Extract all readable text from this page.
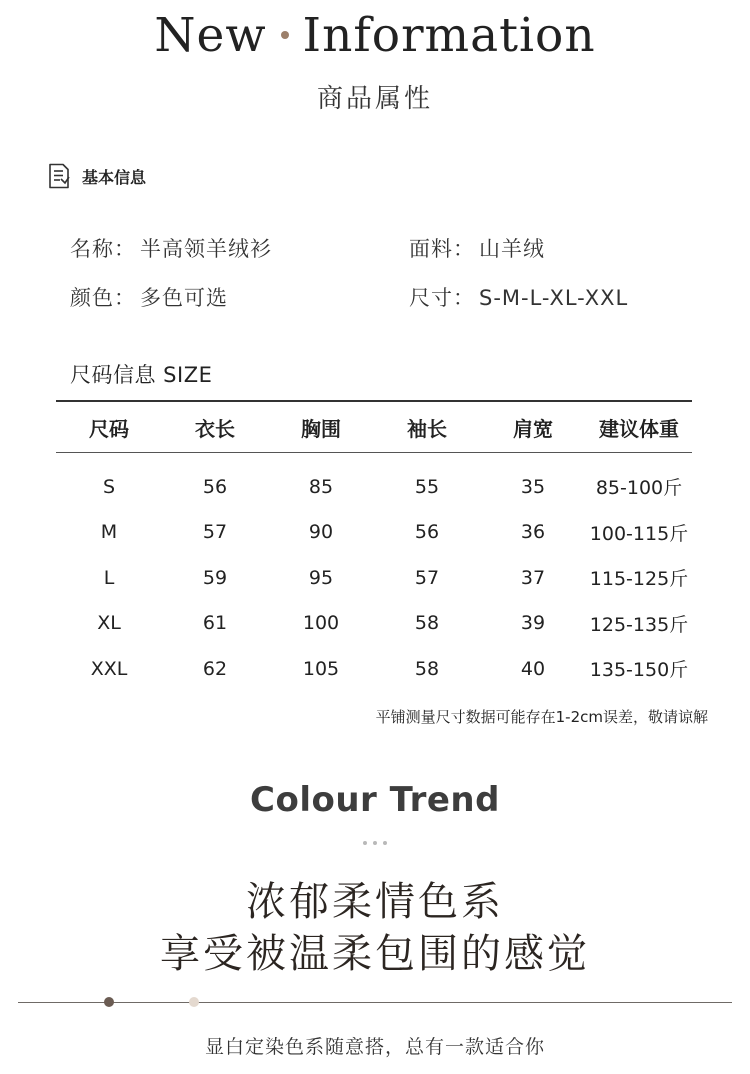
New Information
商品属性
基本信息
名称： 半高领羊绒衫	面料： 山羊绒
颜色： 多色可选	尺寸： S-M-L-XL-XXL
尺码信息 SIZE
尺码	衣长	胸围	袖长	肩宽	建议体重
S	56	85	55	35	85-100斤
M	57	90	56	36	100-115斤
L	59	95	57	37	115-125斤
XL	61	100	58	39	125-135斤
XXL	62	105	58	40	135-150斤
平铺测量尺寸数据可能存在1-2cm误差，敬请谅解
Colour Trend
浓郁柔情色系
享受被温柔包围的感觉
显白定染色系随意搭，总有一款适合你
